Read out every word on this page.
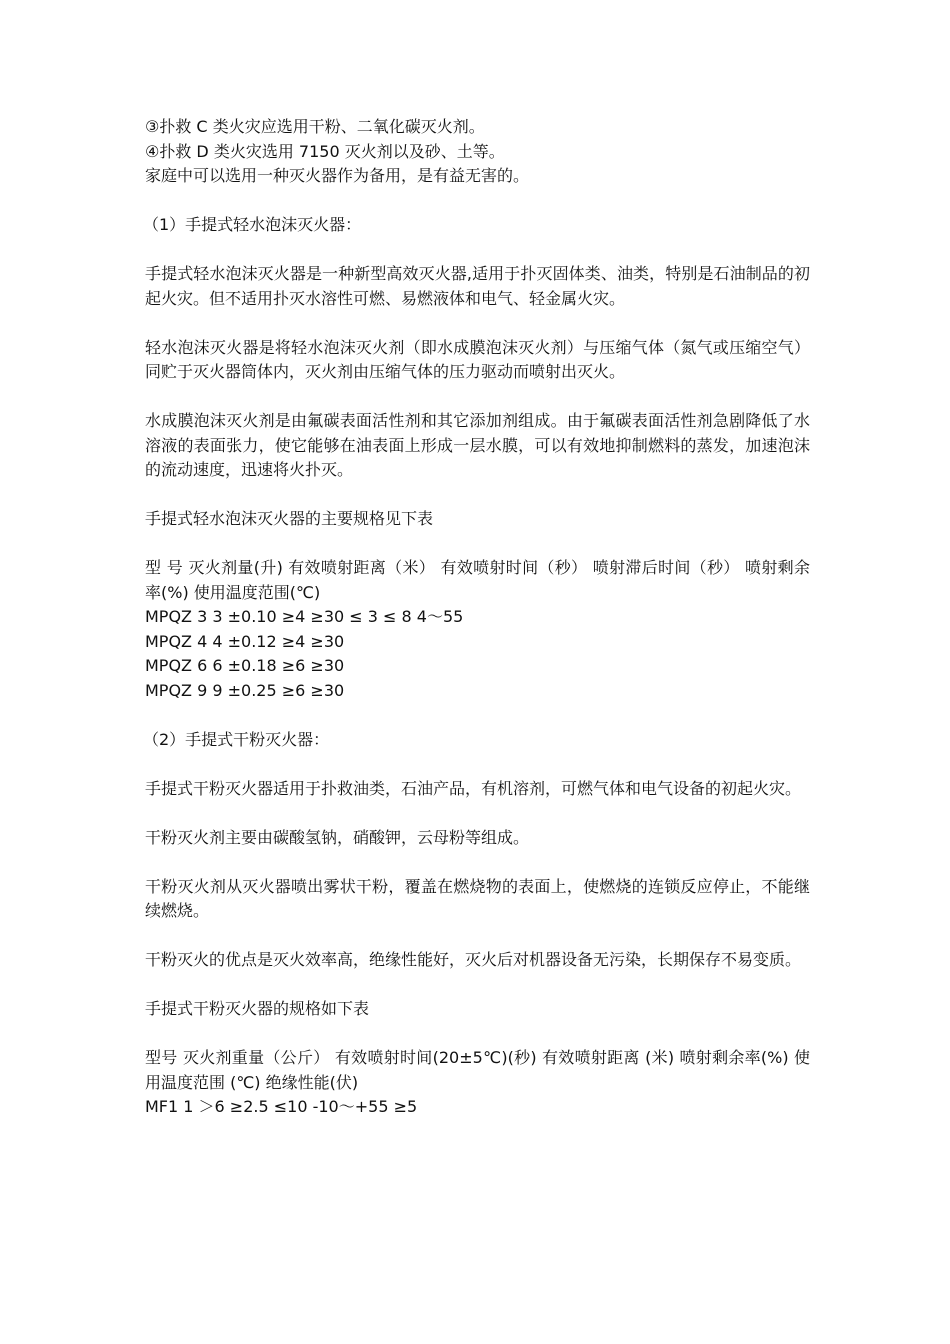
③扑救 C 类火灾应选用干粉、二氧化碳灭火剂。
④扑救 D 类火灾选用 7150 灭火剂以及砂、土等。
家庭中可以选用一种灭火器作为备用，是有益无害的。
（1）手提式轻水泡沫灭火器：

手提式轻水泡沫灭火器是一种新型高效灭火器,适用于扑灭固体类、油类，特别是石油制品的初起火灾。但不适用扑灭水溶性可燃、易燃液体和电气、轻金属火灾。

轻水泡沫灭火器是将轻水泡沫灭火剂（即水成膜泡沫灭火剂）与压缩气体（氮气或压缩空气）同贮于灭火器筒体内，灭火剂由压缩气体的压力驱动而喷射出灭火。

水成膜泡沫灭火剂是由氟碳表面活性剂和其它添加剂组成。由于氟碳表面活性剂急剧降低了水溶液的表面张力，使它能够在油表面上形成一层水膜，可以有效地抑制燃料的蒸发，加速泡沫的流动速度，迅速将火扑灭。

手提式轻水泡沫灭火器的主要规格见下表

型 号 灭火剂量(升) 有效喷射距离（米） 有效喷射时间（秒） 喷射滞后时间（秒） 喷射剩余率(%) 使用温度范围(℃)

MPQZ 3 3 ±0.10 ≥4 ≥30 ≤ 3 ≤ 8 4～55
MPQZ 4 4 ±0.12 ≥4 ≥30
MPQZ 6 6 ±0.18 ≥6 ≥30
MPQZ 9 9 ±0.25 ≥6 ≥30
（2）手提式干粉灭火器：

手提式干粉灭火器适用于扑救油类，石油产品，有机溶剂，可燃气体和电气设备的初起火灾。

干粉灭火剂主要由碳酸氢钠，硝酸钾，云母粉等组成。

干粉灭火剂从灭火器喷出雾状干粉，覆盖在燃烧物的表面上，使燃烧的连锁反应停止，不能继续燃烧。

干粉灭火的优点是灭火效率高，绝缘性能好，灭火后对机器设备无污染，长期保存不易变质。

手提式干粉灭火器的规格如下表

型号 灭火剂重量（公斤） 有效喷射时间(20±5℃)(秒) 有效喷射距离 (米) 喷射剩余率(%) 使用温度范围 (℃) 绝缘性能(伏)

MF1 1 ＞6 ≥2.5 ≤10 -10～+55 ≥5
